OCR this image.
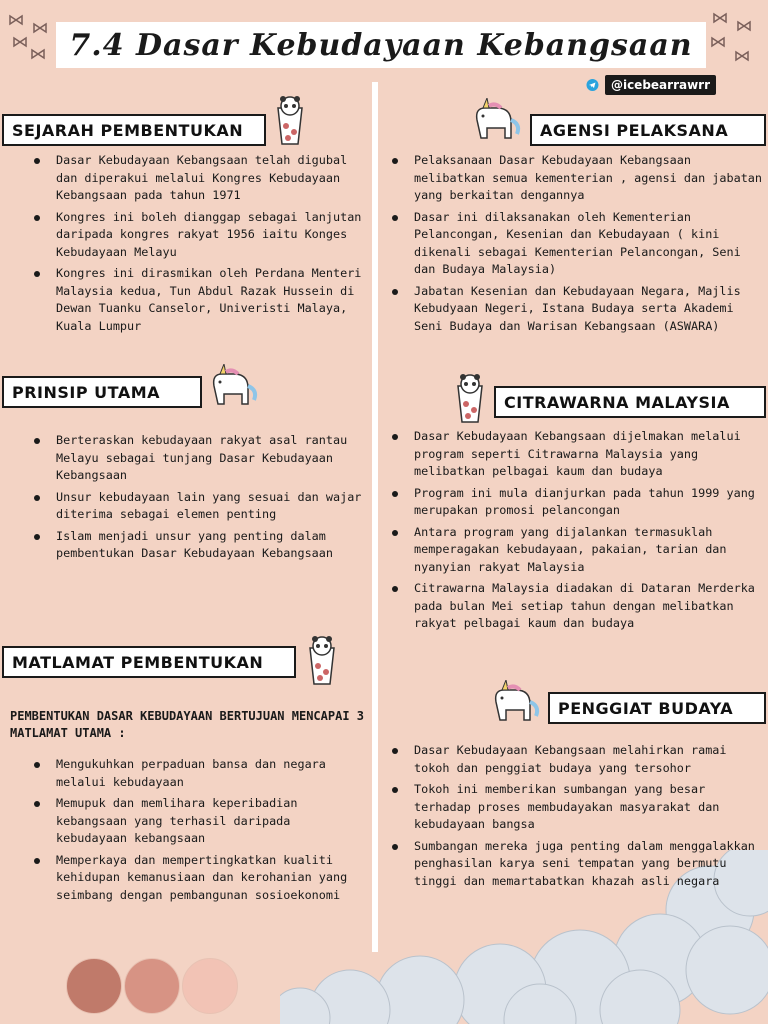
7.4 Dasar Kebudayaan Kebangsaan
@icebearrawrr
SEJARAH PEMBENTUKAN
Dasar Kebudayaan Kebangsaan telah digubal dan diperakui melalui Kongres Kebudayaan Kebangsaan pada tahun 1971
Kongres ini boleh dianggap sebagai lanjutan daripada kongres rakyat 1956 iaitu Konges Kebudayaan Melayu
Kongres ini dirasmikan oleh Perdana Menteri Malaysia kedua, Tun Abdul Razak Hussein di Dewan Tuanku Canselor, Univeristi Malaya, Kuala Lumpur
PRINSIP UTAMA
Berteraskan kebudayaan rakyat asal rantau Melayu sebagai tunjang Dasar Kebudayaan Kebangsaan
Unsur kebudayaan lain yang sesuai dan wajar diterima sebagai elemen penting
Islam menjadi unsur yang penting dalam pembentukan Dasar Kebudayaan Kebangsaan
MATLAMAT PEMBENTUKAN

PEMBENTUKAN DASAR KEBUDAYAAN BERTUJUAN MENCAPAI 3 MATLAMAT UTAMA :

Mengukuhkan perpaduan bansa dan negara melalui kebudayaan
Memupuk dan memlihara keperibadian kebangsaan yang terhasil daripada kebudayaan kebangsaan
Memperkaya dan mempertingkatkan kualiti kehidupan kemanusiaan dan kerohanian yang seimbang dengan pembangunan sosioekonomi
AGENSI PELAKSANA
Pelaksanaan Dasar Kebudayaan Kebangsaan melibatkan semua kementerian , agensi dan jabatan yang berkaitan dengannya
Dasar ini dilaksanakan oleh Kementerian Pelancongan, Kesenian dan Kebudayaan ( kini dikenali sebagai Kementerian Pelancongan, Seni dan Budaya Malaysia)
Jabatan Kesenian dan Kebudayaan Negara, Majlis Kebudyaan Negeri, Istana Budaya serta Akademi Seni Budaya dan Warisan Kebangsaan (ASWARA)
CITRAWARNA MALAYSIA
Dasar Kebudayaan Kebangsaan dijelmakan melalui program seperti Citrawarna Malaysia yang melibatkan pelbagai kaum dan budaya
Program ini mula dianjurkan pada tahun 1999 yang merupakan promosi pelancongan
Antara program yang dijalankan termasuklah memperagakan kebudayaan, pakaian, tarian dan nyanyian rakyat Malaysia
Citrawarna Malaysia diadakan di Dataran Merderka pada bulan Mei setiap tahun dengan melibatkan rakyat pelbagai kaum dan budaya
PENGGIAT BUDAYA
Dasar Kebudayaan Kebangsaan melahirkan ramai tokoh dan penggiat budaya yang tersohor
Tokoh ini memberikan sumbangan yang besar terhadap proses membudayakan masyarakat dan kebudayaan bangsa
Sumbangan mereka juga penting dalam menggalakkan penghasilan karya seni tempatan yang bermutu tinggi dan memartabatkan khazah asli negara
